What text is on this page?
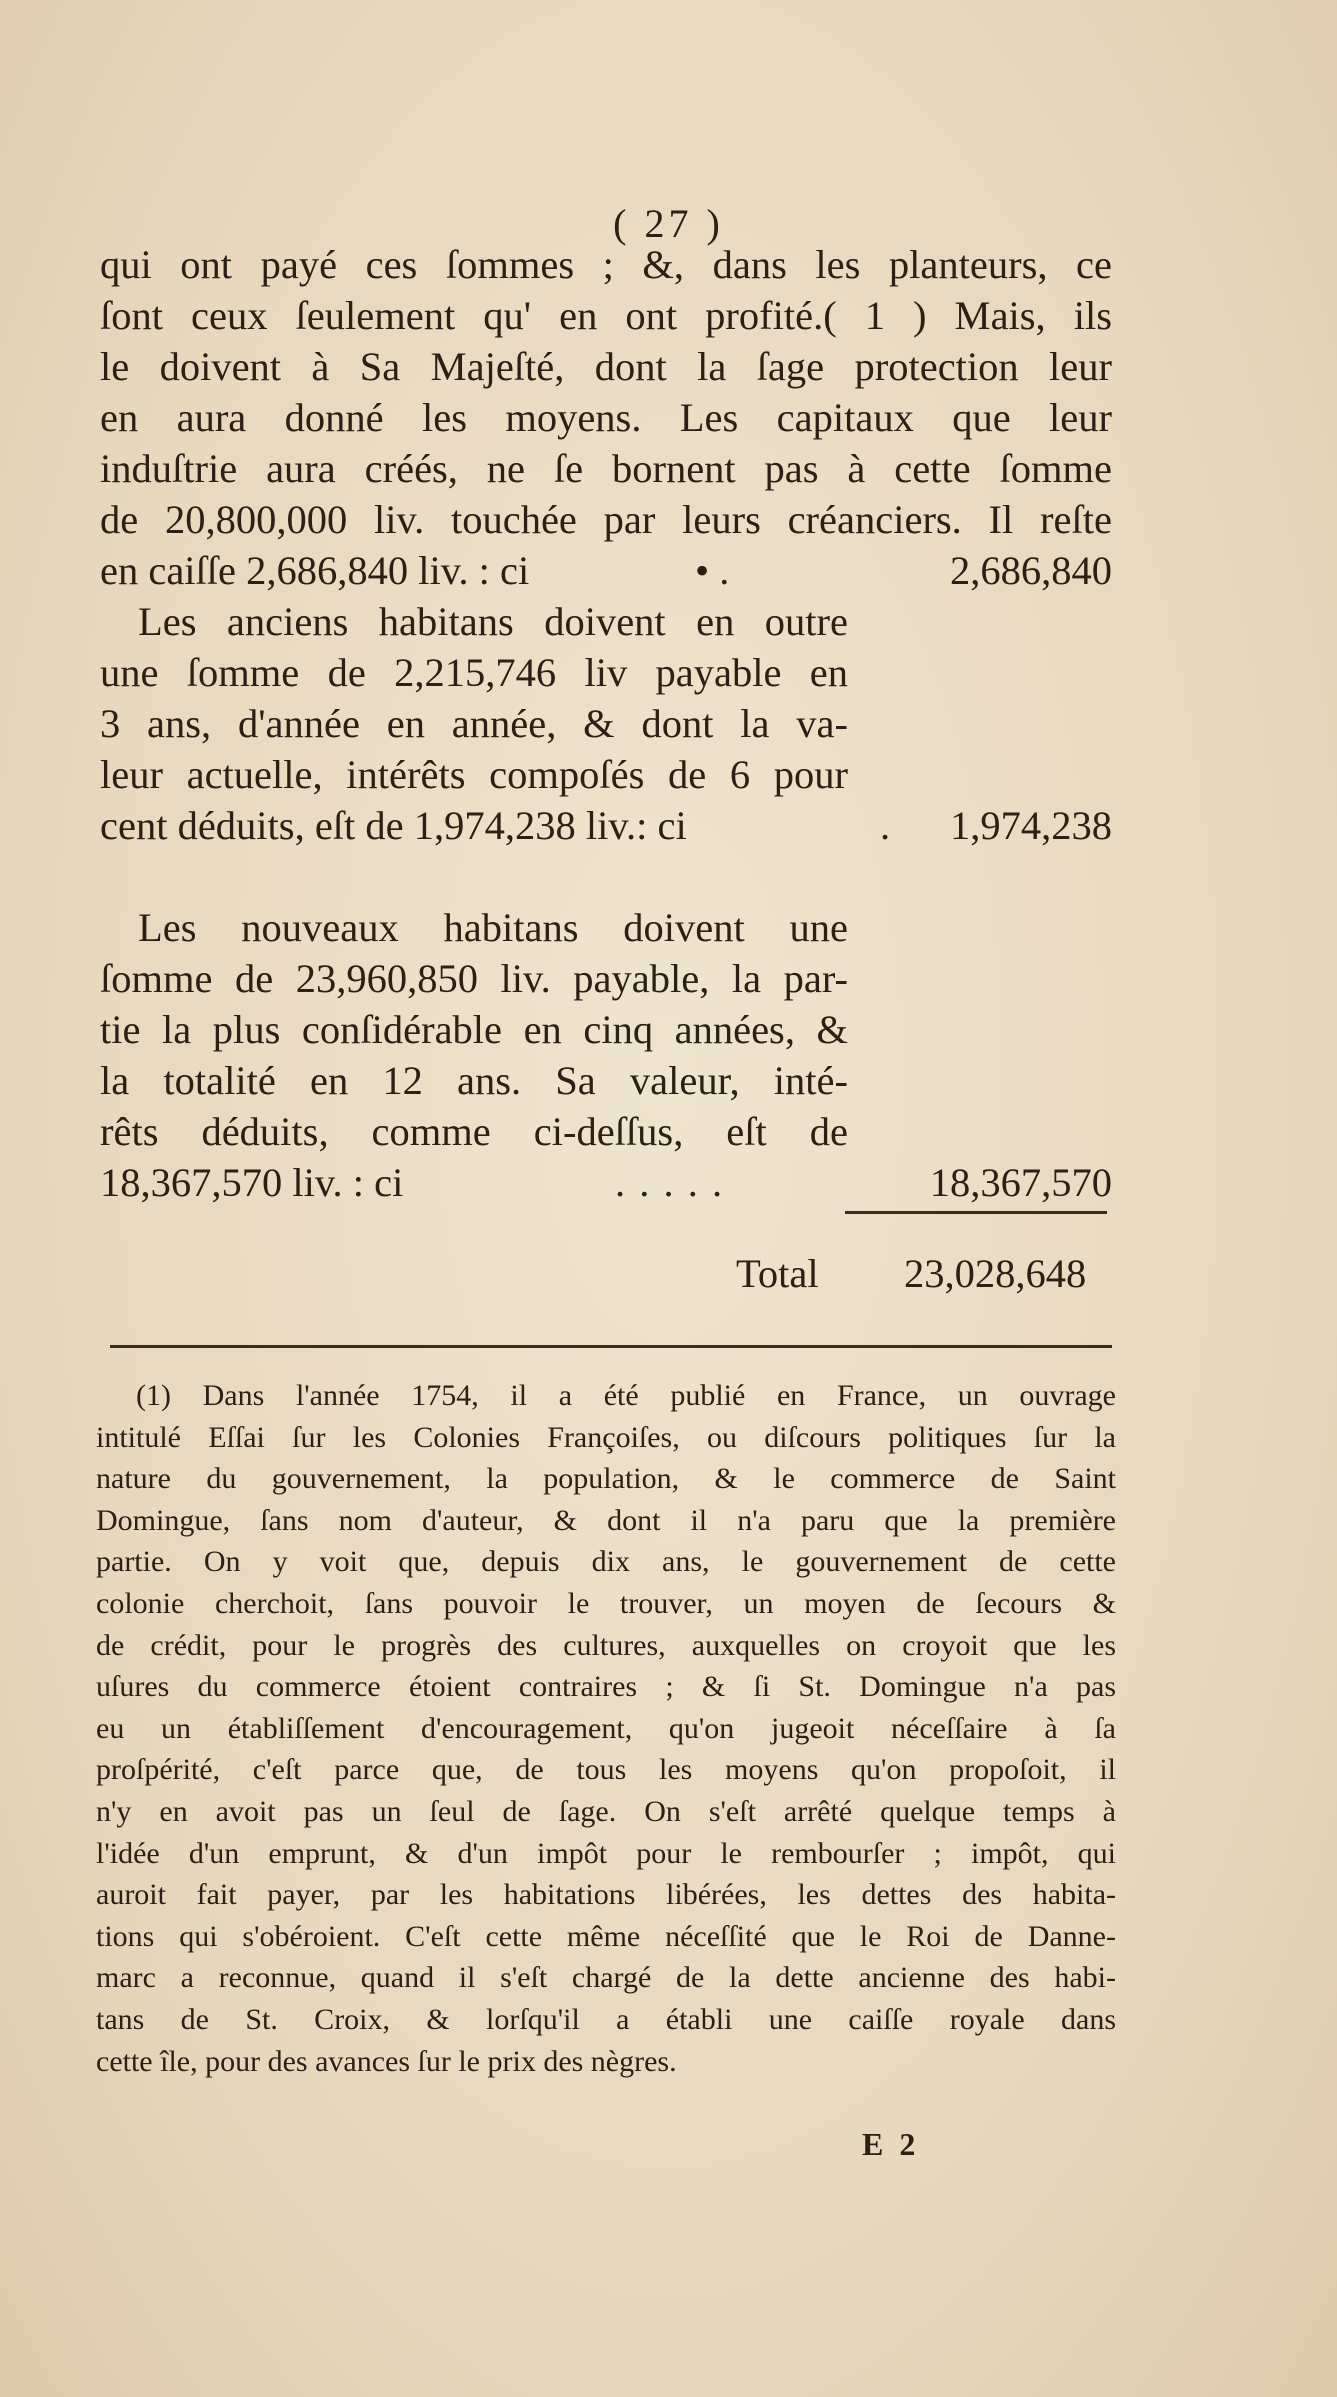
( 27 )

qui ont payé ces ſommes ; &, dans les planteurs, ce

ſont ceux ſeulement qu' en ont profité.( 1 ) Mais, ils

le doivent à Sa Majeſté, dont la ſage protection leur

en aura donné les moyens. Les capitaux que leur

induſtrie aura créés, ne ſe bornent pas à cette ſomme

de 20,800,000 liv. touchée par leurs créanciers. Il reſte

en caiſſe 2,686,840 liv. : ci	• .	2,686,840

Les anciens habitans doivent en outre

une ſomme de 2,215,746 liv payable en

3 ans, d'année en année, & dont la va-

leur actuelle, intérêts compoſés de 6 pour

cent déduits, eſt de 1,974,238 liv.: ci	. 1,974,238

Les nouveaux habitans doivent une

ſomme de 23,960,850 liv. payable, la par-

tie la plus conſidérable en cinq années, &

la totalité en 12 ans. Sa valeur, inté-

rêts déduits, comme ci-deſſus, eſt de

18,367,570 liv. : ci	. . . . .	18,367,570
Total 23,028,648

(1) Dans l'année 1754, il a été publié en France, un ouvrage

intitulé Eſſai ſur les Colonies Françoiſes, ou diſcours politiques ſur la

nature du gouvernement, la population, & le commerce de Saint

Domingue, ſans nom d'auteur, & dont il n'a paru que la première

partie. On y voit que, depuis dix ans, le gouvernement de cette

colonie cherchoit, ſans pouvoir le trouver, un moyen de ſecours &

de crédit, pour le progrès des cultures, auxquelles on croyoit que les

uſures du commerce étoient contraires ; & ſi St. Domingue n'a pas

eu un établiſſement d'encouragement, qu'on jugeoit néceſſaire à ſa

proſpérité, c'eſt parce que, de tous les moyens qu'on propoſoit, il

n'y en avoit pas un ſeul de ſage. On s'eſt arrêté quelque temps à

l'idée d'un emprunt, & d'un impôt pour le rembourſer ; impôt, qui

auroit fait payer, par les habitations libérées, les dettes des habita-

tions qui s'obéroient. C'eſt cette même néceſſité que le Roi de Danne-

marc a reconnue, quand il s'eſt chargé de la dette ancienne des habi-

tans de St. Croix, & lorſqu'il a établi une caiſſe royale dans

cette île, pour des avances ſur le prix des nègres.

E 2
